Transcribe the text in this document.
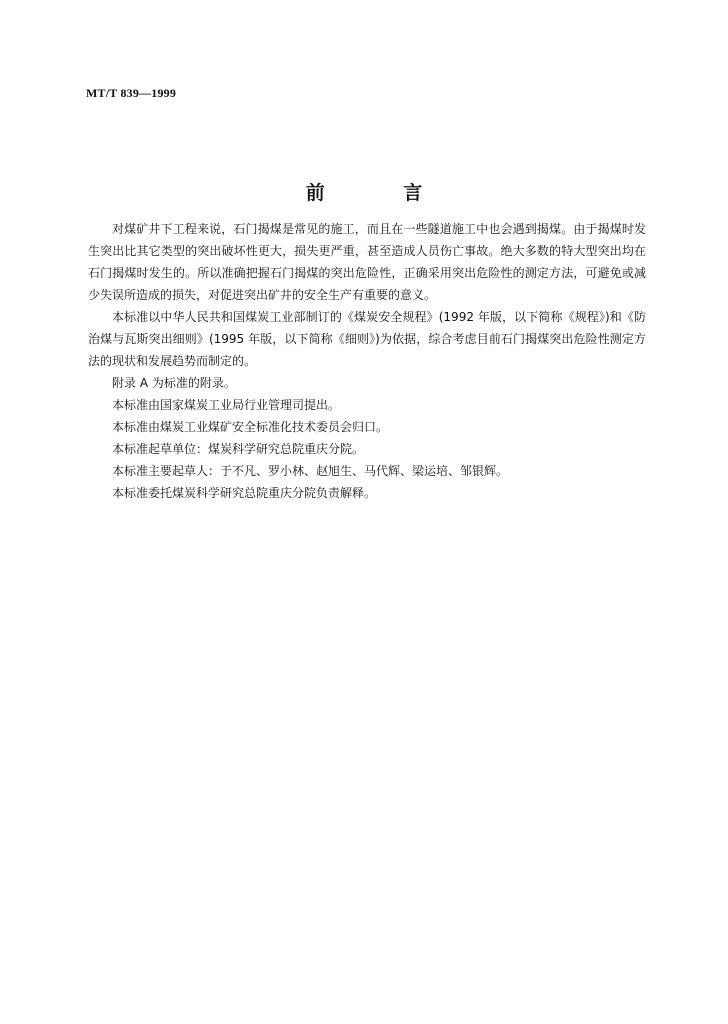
MT/T 839—1999
前 言

对煤矿井下工程来说，石门揭煤是常见的施工，而且在一些隧道施工中也会遇到揭煤。由于揭煤时发生突出比其它类型的突出破坏性更大，损失更严重，甚至造成人员伤亡事故。绝大多数的特大型突出均在石门揭煤时发生的。所以准确把握石门揭煤的突出危险性，正确采用突出危险性的测定方法，可避免或减少失误所造成的损失，对促进突出矿井的安全生产有重要的意义。

本标准以中华人民共和国煤炭工业部制订的《煤炭安全规程》(1992 年版，以下简称《规程》)和《防治煤与瓦斯突出细则》(1995 年版，以下简称《细则》)为依据，综合考虑目前石门揭煤突出危险性测定方法的现状和发展趋势而制定的。

附录 A 为标准的附录。

本标准由国家煤炭工业局行业管理司提出。

本标准由煤炭工业煤矿安全标准化技术委员会归口。

本标准起草单位：煤炭科学研究总院重庆分院。

本标准主要起草人：于不凡、罗小林、赵旭生、马代辉、梁运培、邹银辉。

本标准委托煤炭科学研究总院重庆分院负责解释。
